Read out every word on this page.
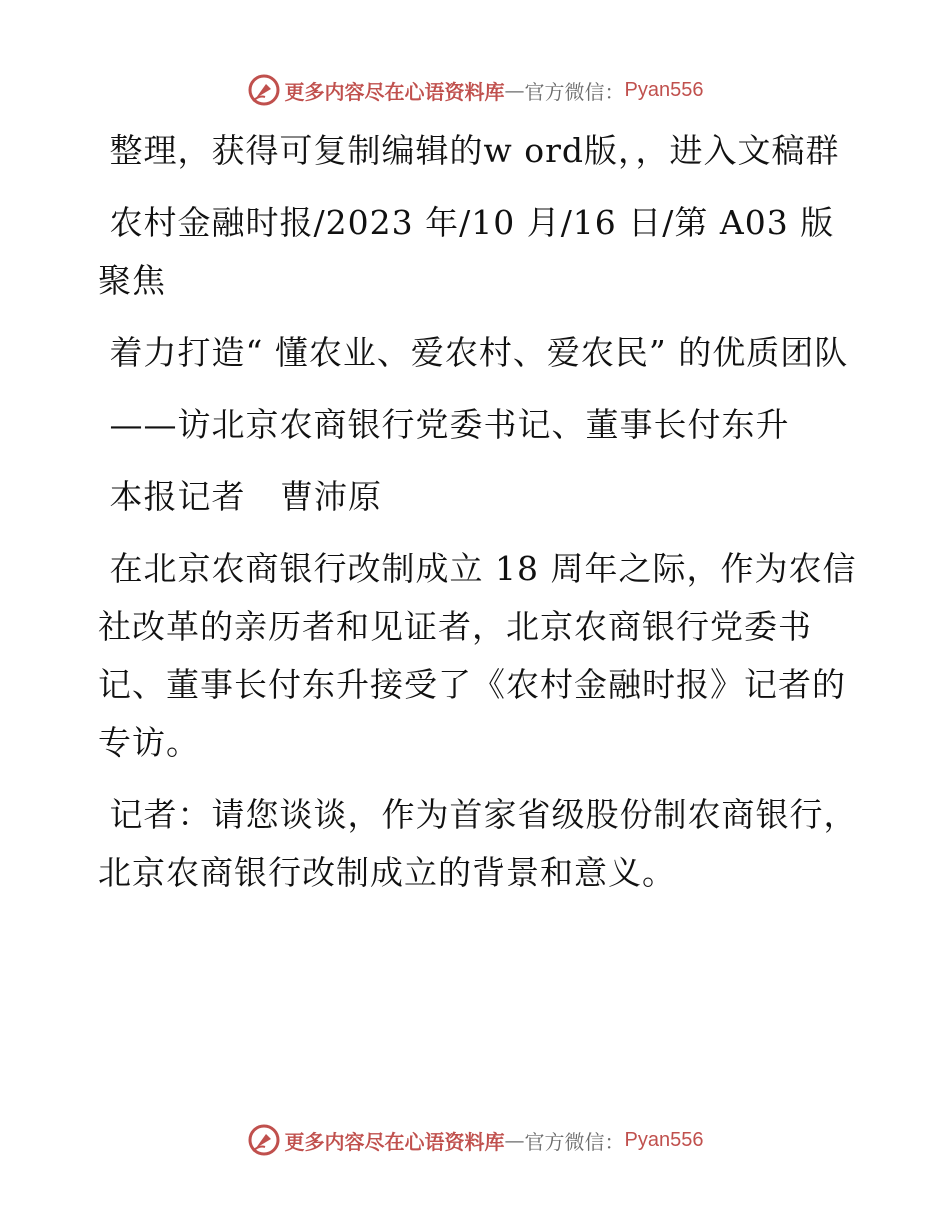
更多内容尽在心语资料库 — 官方微信： Pyan556

整理，获得可复制编辑的w ord版，，进入文稿群

农村金融时报/2023 年/10 月/16 日/第 A03 版聚焦

着力打造“ 懂农业、爱农村、爱农民” 的优质团队

——访北京农商银行党委书记、董事长付东升

本报记者   曹沛原

在北京农商银行改制成立 18 周年之际，作为农信社改革的亲历者和见证者，北京农商银行党委书记、董事长付东升接受了《农村金融时报》记者的专访。

记者：请您谈谈，作为首家省级股份制农商银行，北京农商银行改制成立的背景和意义。

更多内容尽在心语资料库 — 官方微信： Pyan556
